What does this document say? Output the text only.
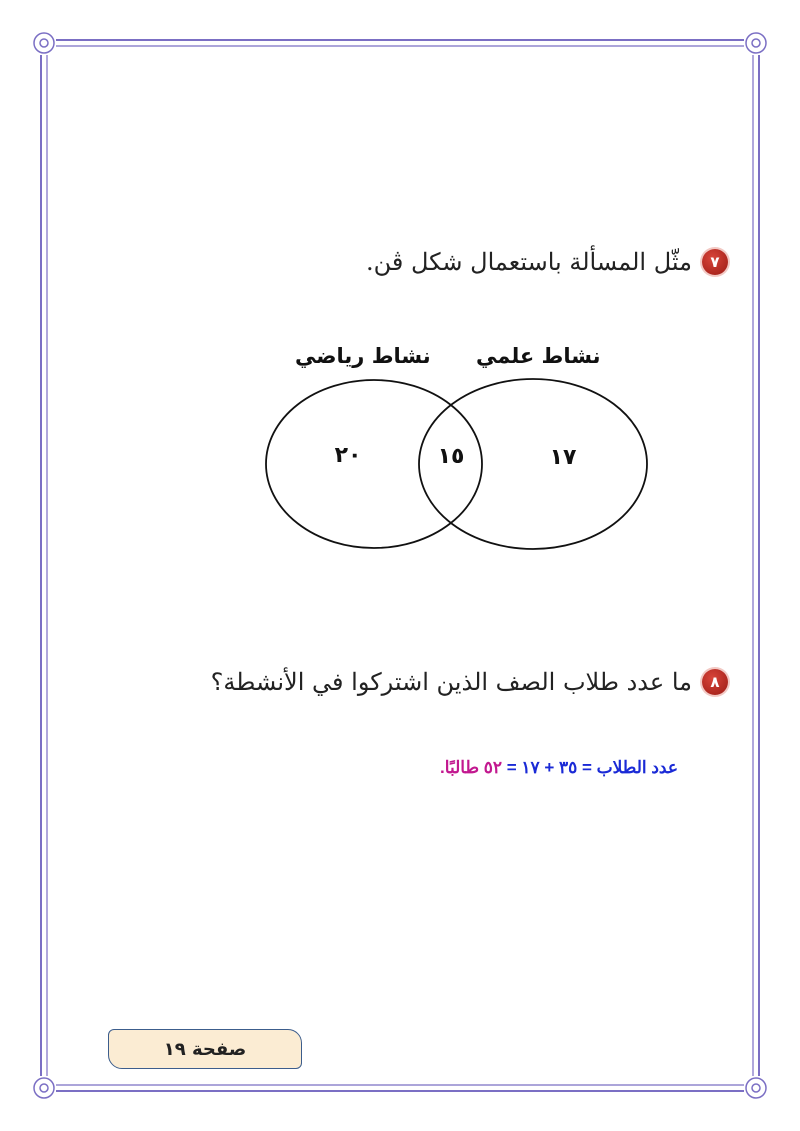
٧
مثّل المسألة باستعمال شكل ڤن.
٢٠	١٥	١٧
نشاط علمي
نشاط رياضي
٨
ما عدد طلاب الصف الذين اشتركوا في الأنشطة؟
عدد الطلاب = ٣٥ + ١٧ = ٥٢ طالبًا.
صفحة ١٩
